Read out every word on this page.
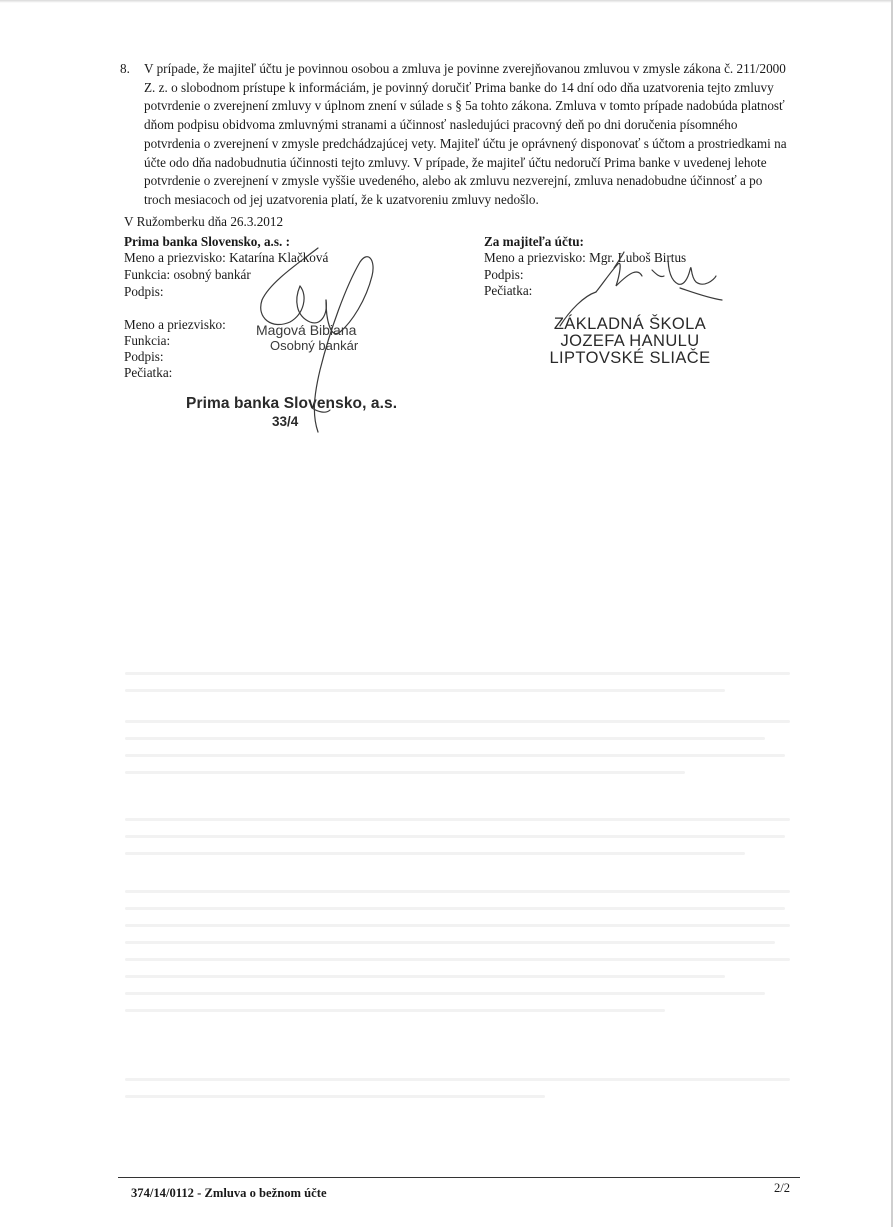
8. V prípade, že majiteľ účtu je povinnou osobou a zmluva je povinne zverejňovanou zmluvou v zmysle zákona č. 211/2000
Z. z. o slobodnom prístupe k informáciám, je povinný doručiť Prima banke do 14 dní odo dňa uzatvorenia tejto zmluvy
potvrdenie o zverejnení zmluvy v úplnom znení v súlade s § 5a tohto zákona. Zmluva v tomto prípade nadobúda platnosť
dňom podpisu obidvoma zmluvnými stranami a účinnosť nasledujúci pracovný deň po dni doručenia písomného
potvrdenia o zverejnení v zmysle predchádzajúcej vety. Majiteľ účtu je oprávnený disponovať s účtom a prostriedkami na
účte odo dňa nadobudnutia účinnosti tejto zmluvy. V prípade, že majiteľ účtu nedoručí Prima banke v uvedenej lehote
potvrdenie o zverejnení v zmysle vyššie uvedeného, alebo ak zmluvu nezverejní, zmluva nenadobudne účinnosť a po
troch mesiacoch od jej uzatvorenia platí, že k uzatvoreniu zmluvy nedošlo.
V Ružomberku dňa 26.3.2012
Prima banka Slovensko, a.s. :
Meno a priezvisko: Katarína Klačková
Funkcia: osobný bankár
Podpis:
Meno a priezvisko:
Funkcia:
Podpis:
Pečiatka:
Za majiteľa účtu:
Meno a priezvisko: Mgr. Luboš Birtus
Podpis:
Pečiatka:
Magová Bibiana
Osobný bankár
Prima banka Slovensko, a.s.
33/4
ZÁKLADNÁ ŠKOLA
JOZEFA HANULU
LIPTOVSKÉ SLIAČE
374/14/0112 - Zmluva o bežnom účte	2/2
